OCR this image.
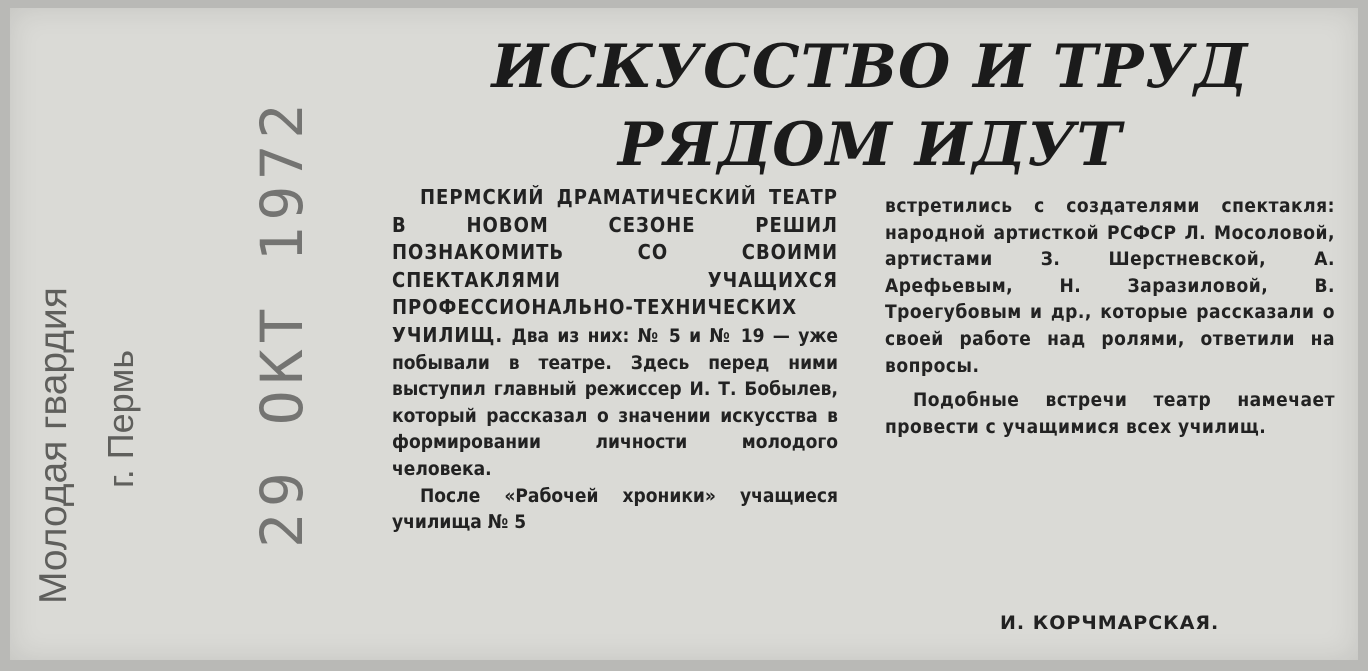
Молодая гвардия г. Пермь 29 ОКТ 1972
ИСКУССТВО И ТРУД
РЯДОМ ИДУТ

ПЕРМСКИЙ ДРАМАТИЧЕСКИЙ ТЕАТР В НОВОМ СЕЗОНЕ РЕШИЛ ПОЗНАКОМИТЬ СО СВОИМИ СПЕКТАКЛЯМИ УЧАЩИХСЯ ПРОФЕССИОНАЛЬНО-ТЕХНИЧЕСКИХ УЧИЛИЩ. Два из них: № 5 и № 19 — уже побывали в театре. Здесь перед ними выступил главный режиссер И. Т. Бобылев, который рассказал о значении искусства в формировании личности молодого человека.

После «Рабочей хроники» учащиеся училища № 5

встретились с создателями спектакля: народной артисткой РСФСР Л. Мосоловой, артистами З. Шерстневской, А. Арефьевым, Н. Заразиловой, В. Троегубовым и др., которые рассказали о своей работе над ролями, ответили на вопросы.

Подобные встречи театр намечает провести с учащимися всех училищ.

И. КОРЧМАРСКАЯ.
